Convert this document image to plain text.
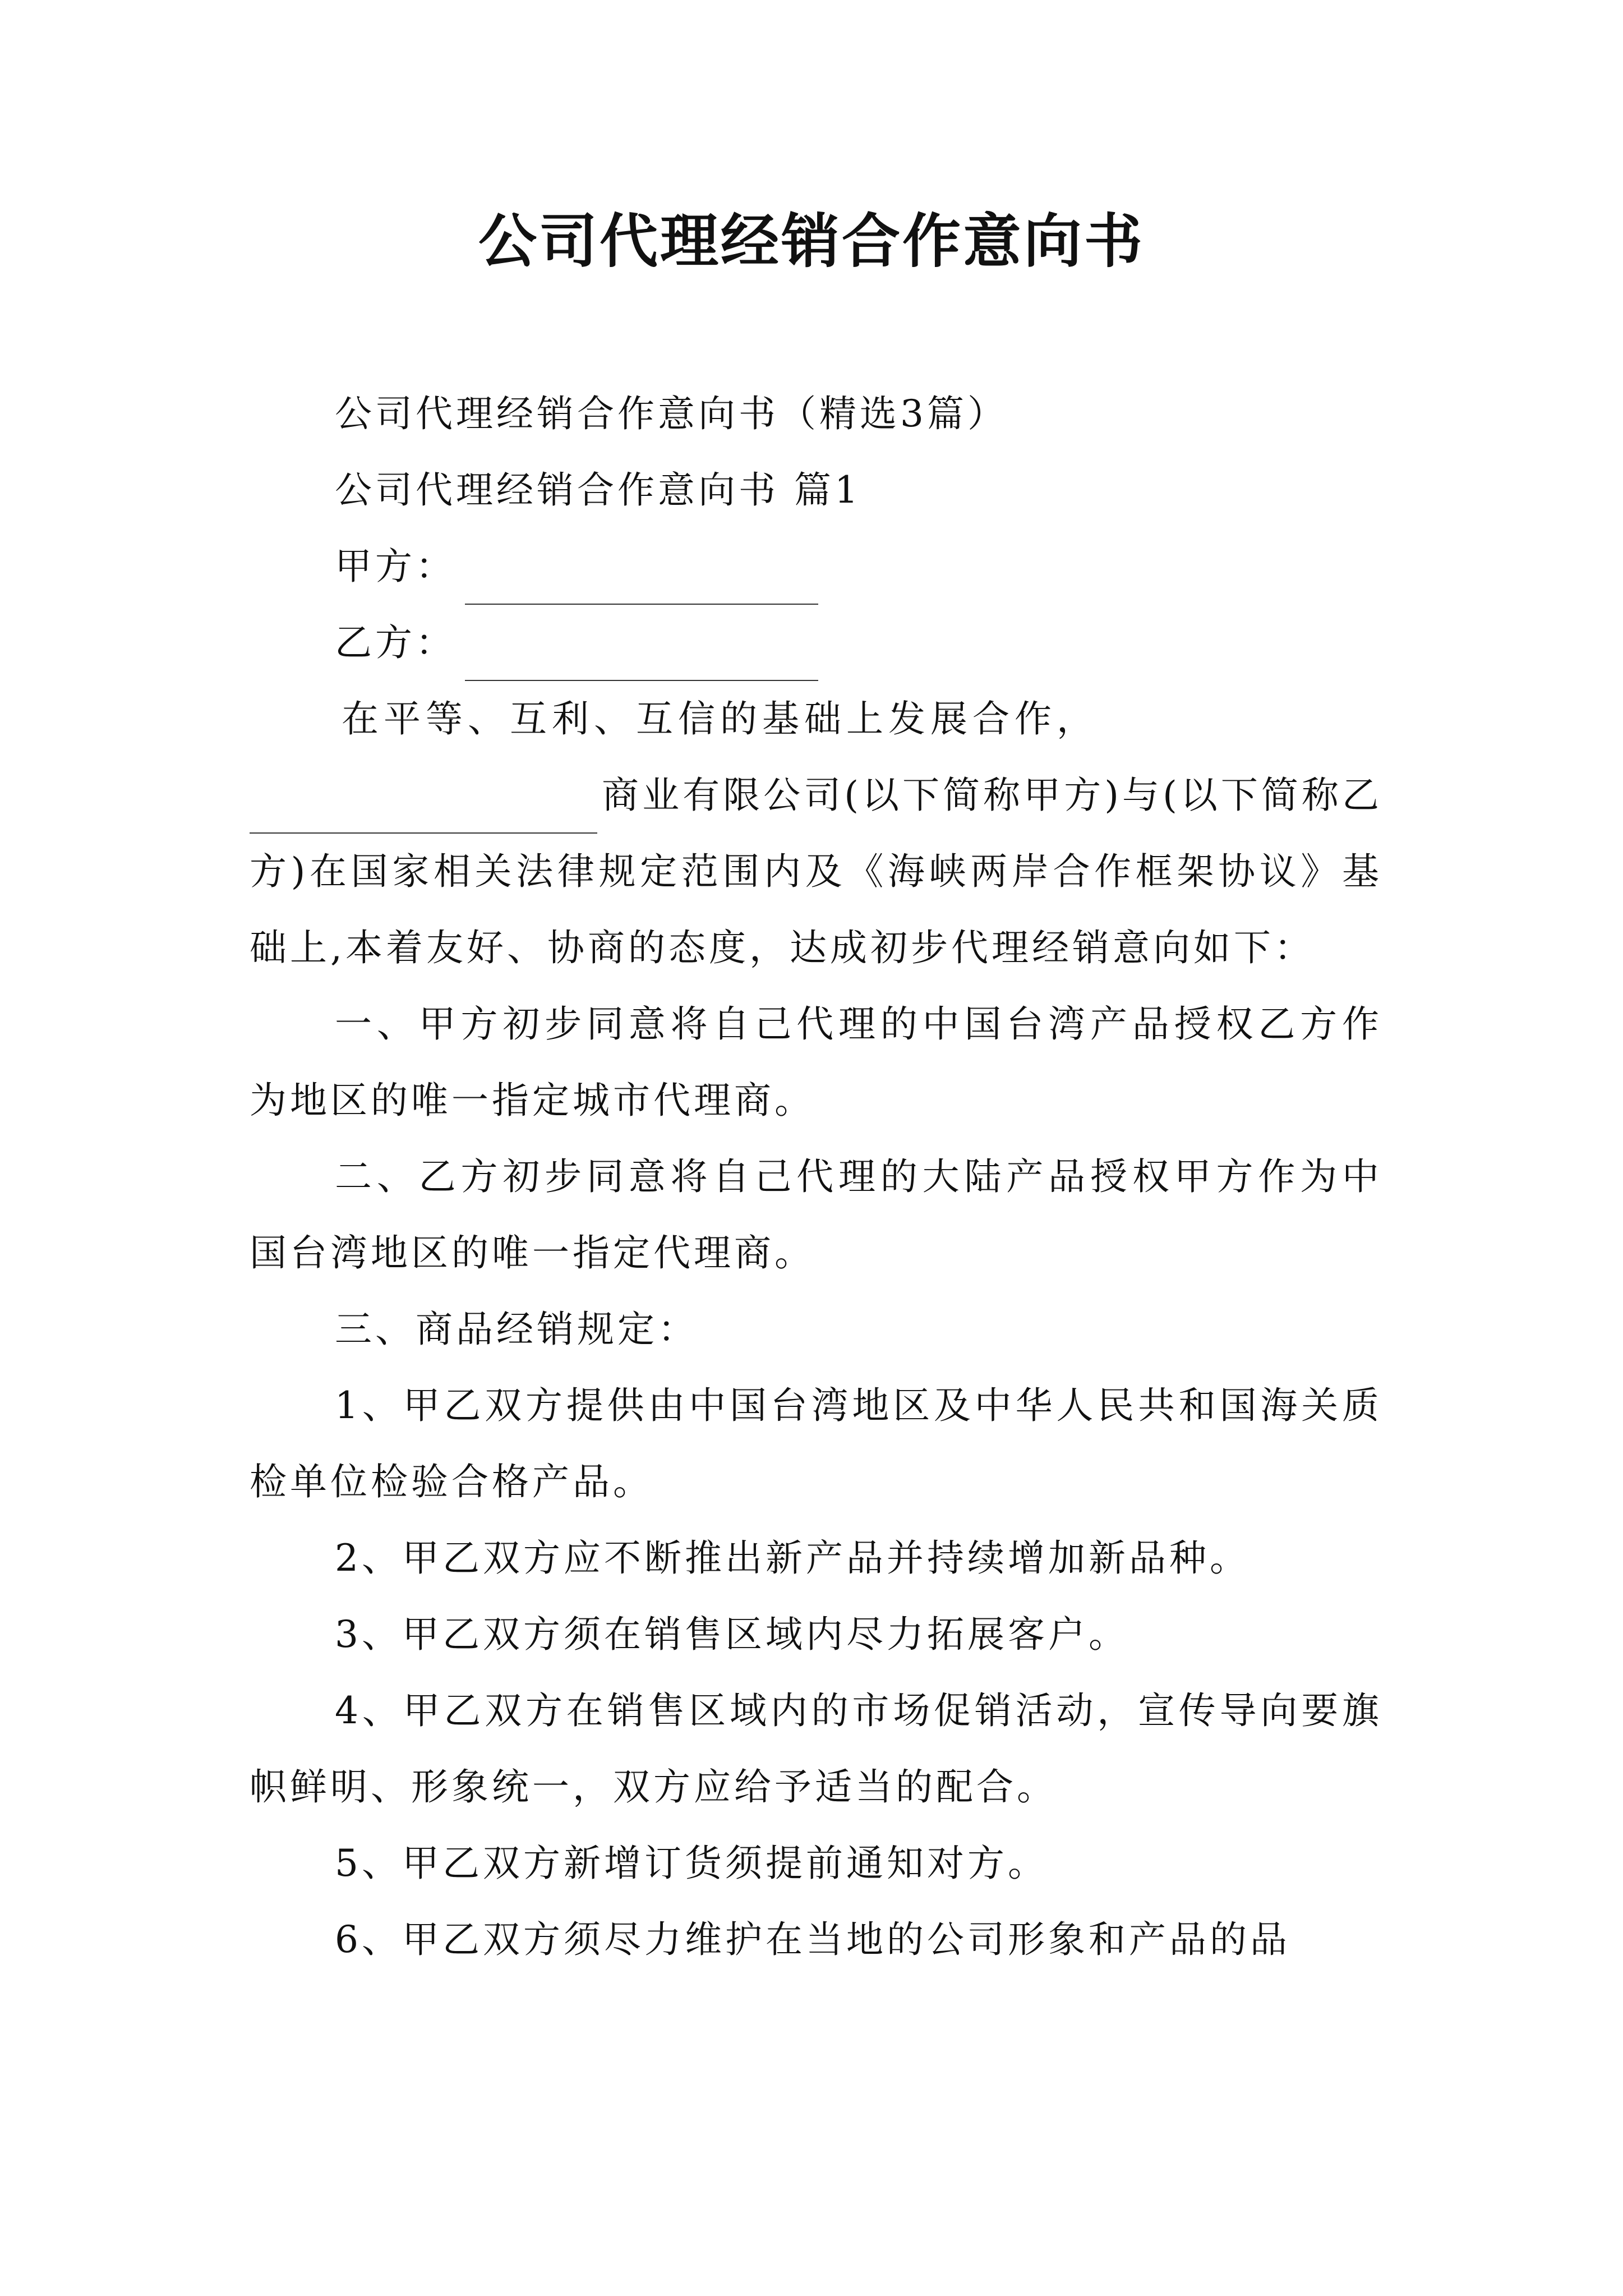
公司代理经销合作意向书

公司代理经销合作意向书（精选3篇）

公司代理经销合作意向书 篇1

甲方：

乙方：

在平等、互利、互信的基础上发展合作，

商业有限公司(以下简称甲方)与(以下简称乙方)在国家相关法律规定范围内及《海峡两岸合作框架协议》基础上,本着友好、协商的态度，达成初步代理经销意向如下：

一、甲方初步同意将自己代理的中国台湾产品授权乙方作为地区的唯一指定城市代理商。

二、乙方初步同意将自己代理的大陆产品授权甲方作为中国台湾地区的唯一指定代理商。

三、商品经销规定：

1、甲乙双方提供由中国台湾地区及中华人民共和国海关质检单位检验合格产品。

2、甲乙双方应不断推出新产品并持续增加新品种。

3、甲乙双方须在销售区域内尽力拓展客户。

4、甲乙双方在销售区域内的市场促销活动，宣传导向要旗帜鲜明、形象统一，双方应给予适当的配合。

5、甲乙双方新增订货须提前通知对方。

6、甲乙双方须尽力维护在当地的公司形象和产品的品
